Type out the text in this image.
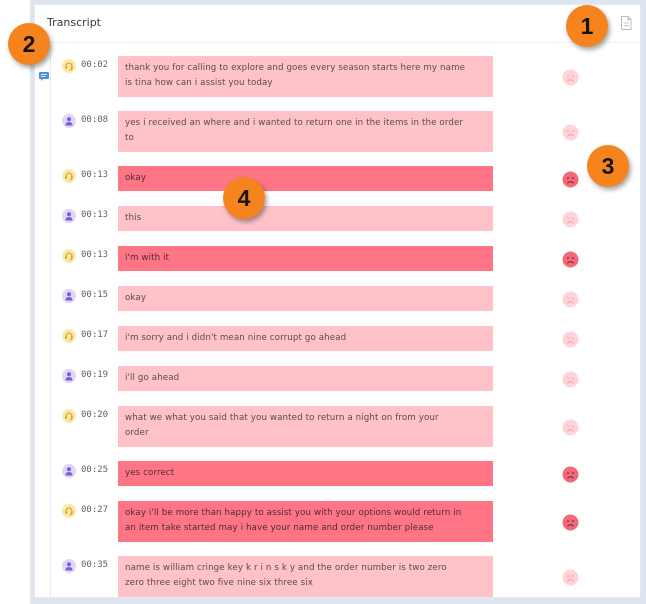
Transcript
00:02 thank you for calling to explore and goes every season starts here my name
is tina how can i assist you today
00:08 yes i received an where and i wanted to return one in the items in the order
to
00:13 okay
00:13 this
00:13 i'm with it
00:15 okay
00:17 i'm sorry and i didn't mean nine corrupt go ahead
00:19 i'll go ahead
00:20 what we what you said that you wanted to return a night on from your
order
00:25 yes correct
00:27 okay i'll be more than happy to assist you with your options would return in
an item take started may i have your name and order number please
00:35 name is william cringe key k r i n s k y and the order number is two zero
zero three eight two five nine six three six
1
2
3
4
